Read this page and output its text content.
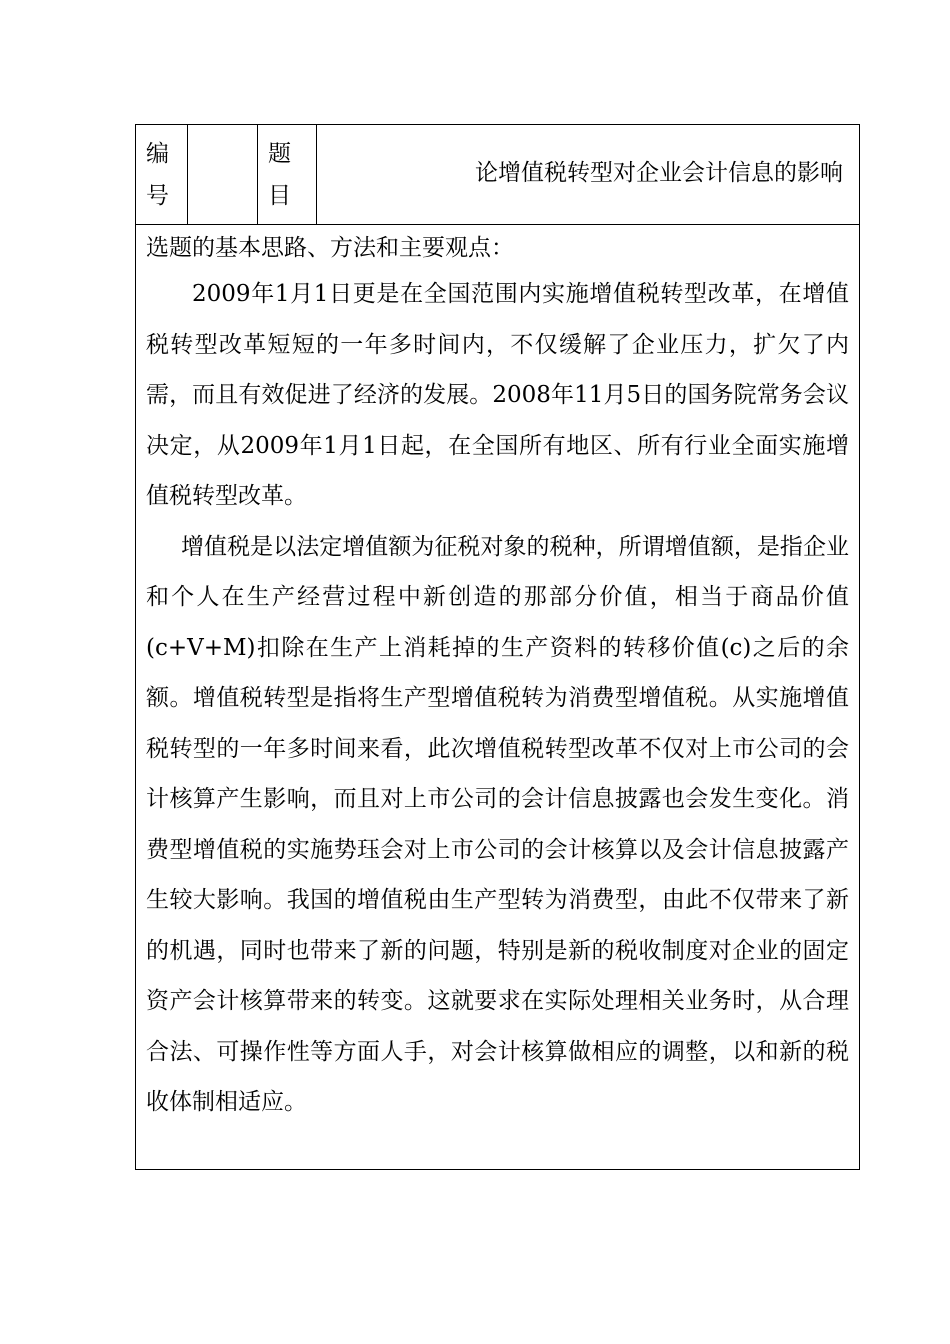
编
号
题
目
论增值税转型对企业会计信息的影响
选题的基本思路、方法和主要观点：

2009年1月1日更是在全国范围内实施增值税转型改革，在增值税转型改革短短的一年多时间内，不仅缓解了企业压力，扩欠了内需，而且有效促进了经济的发展。2008年11月5日的国务院常务会议决定，从2009年1月1日起，在全国所有地区、所有行业全面实施增值税转型改革。

增值税是以法定增值额为征税对象的税种，所谓增值额，是指企业和个人在生产经营过程中新创造的那部分价值，相当于商品价值(c+V+M)扣除在生产上消耗掉的生产资料的转移价值(c)之后的余额。增值税转型是指将生产型增值税转为消费型增值税。从实施增值税转型的一年多时间来看，此次增值税转型改革不仅对上市公司的会计核算产生影响，而且对上市公司的会计信息披露也会发生变化。消费型增值税的实施势珏会对上市公司的会计核算以及会计信息披露产生较大影响。我国的增值税由生产型转为消费型，由此不仅带来了新的机遇，同时也带来了新的问题，特别是新的税收制度对企业的固定资产会计核算带来的转变。这就要求在实际处理相关业务时，从合理合法、可操作性等方面人手，对会计核算做相应的调整，以和新的税收体制相适应。
